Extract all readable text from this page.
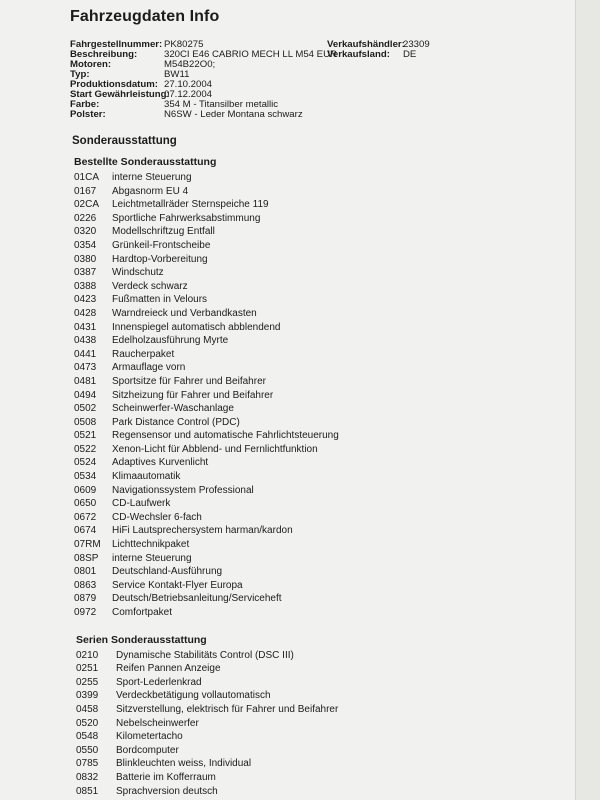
Fahrzeugdaten Info
Fahrgestellnummer: PK80275	Verkaufshändler:
23309
Beschreibung:	320CI E46 CABRIO MECH LL M54 EUR
Verkaufsland: DE
Motoren:	M54B22O0;
Typ:	BW11
Produktionsdatum: 27.10.2004
Start Gewährleistung:
07.12.2004
Farbe:	354 M - Titansilber metallic
Polster:	N6SW - Leder Montana schwarz
Sonderausstattung
Bestellte Sonderausstattung
01CA interne Steuerung
0167 Abgasnorm EU 4
02CA Leichtmetallräder Sternspeiche 119
0226 Sportliche Fahrwerksabstimmung
0320 Modellschriftzug Entfall
0354 Grünkeil-Frontscheibe
0380 Hardtop-Vorbereitung
0387 Windschutz
0388 Verdeck schwarz
0423 Fußmatten in Velours
0428 Warndreieck und Verbandkasten
0431 Innenspiegel automatisch abblendend
0438 Edelholzausführung Myrte
0441 Raucherpaket
0473 Armauflage vorn
0481 Sportsitze für Fahrer und Beifahrer
0494 Sitzheizung für Fahrer und Beifahrer
0502 Scheinwerfer-Waschanlage
0508 Park Distance Control (PDC)
0521 Regensensor und automatische Fahrlichtsteuerung
0522 Xenon-Licht für Abblend- und Fernlichtfunktion
0524 Adaptives Kurvenlicht
0534 Klimaautomatik
0609 Navigationssystem Professional
0650 CD-Laufwerk
0672 CD-Wechsler 6-fach
0674 HiFi Lautsprechersystem harman/kardon
07RM Lichttechnikpaket
08SP interne Steuerung
0801 Deutschland-Ausführung
0863 Service Kontakt-Flyer Europa
0879 Deutsch/Betriebsanleitung/Serviceheft
0972 Comfortpaket
Serien Sonderausstattung
0210 Dynamische Stabilitäts Control (DSC III)
0251 Reifen Pannen Anzeige
0255 Sport-Lederlenkrad
0399 Verdeckbetätigung vollautomatisch
0458 Sitzverstellung, elektrisch für Fahrer und Beifahrer
0520 Nebelscheinwerfer
0548 Kilometertacho
0550 Bordcomputer
0785 Blinkleuchten weiss, Individual
0832 Batterie im Kofferraum
0851 Sprachversion deutsch
